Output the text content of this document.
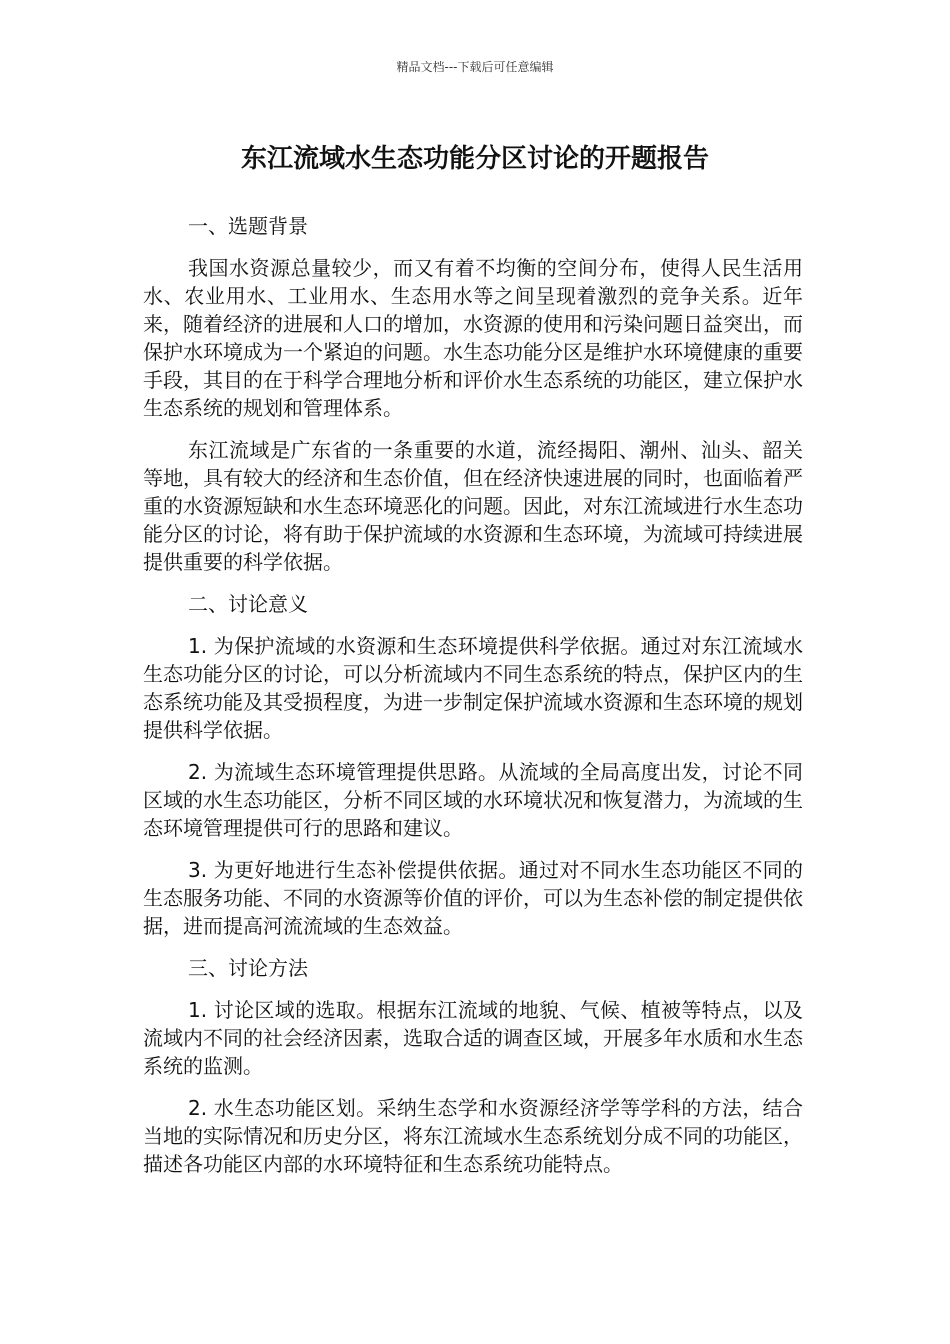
精品文档---下载后可任意编辑
东江流域水生态功能分区讨论的开题报告
一、选题背景

我国水资源总量较少，而又有着不均衡的空间分布，使得人民生活用水、农业用水、工业用水、生态用水等之间呈现着激烈的竞争关系。近年来，随着经济的进展和人口的增加，水资源的使用和污染问题日益突出，而保护水环境成为一个紧迫的问题。水生态功能分区是维护水环境健康的重要手段，其目的在于科学合理地分析和评价水生态系统的功能区，建立保护水生态系统的规划和管理体系。

东江流域是广东省的一条重要的水道，流经揭阳、潮州、汕头、韶关等地，具有较大的经济和生态价值，但在经济快速进展的同时，也面临着严重的水资源短缺和水生态环境恶化的问题。因此，对东江流域进行水生态功能分区的讨论，将有助于保护流域的水资源和生态环境，为流域可持续进展提供重要的科学依据。

二、讨论意义

1. 为保护流域的水资源和生态环境提供科学依据。通过对东江流域水生态功能分区的讨论，可以分析流域内不同生态系统的特点，保护区内的生态系统功能及其受损程度，为进一步制定保护流域水资源和生态环境的规划提供科学依据。

2. 为流域生态环境管理提供思路。从流域的全局高度出发，讨论不同区域的水生态功能区，分析不同区域的水环境状况和恢复潜力，为流域的生态环境管理提供可行的思路和建议。

3. 为更好地进行生态补偿提供依据。通过对不同水生态功能区不同的生态服务功能、不同的水资源等价值的评价，可以为生态补偿的制定提供依据，进而提高河流流域的生态效益。

三、讨论方法

1. 讨论区域的选取。根据东江流域的地貌、气候、植被等特点，以及流域内不同的社会经济因素，选取合适的调查区域，开展多年水质和水生态系统的监测。

2. 水生态功能区划。采纳生态学和水资源经济学等学科的方法，结合当地的实际情况和历史分区，将东江流域水生态系统划分成不同的功能区，描述各功能区内部的水环境特征和生态系统功能特点。
